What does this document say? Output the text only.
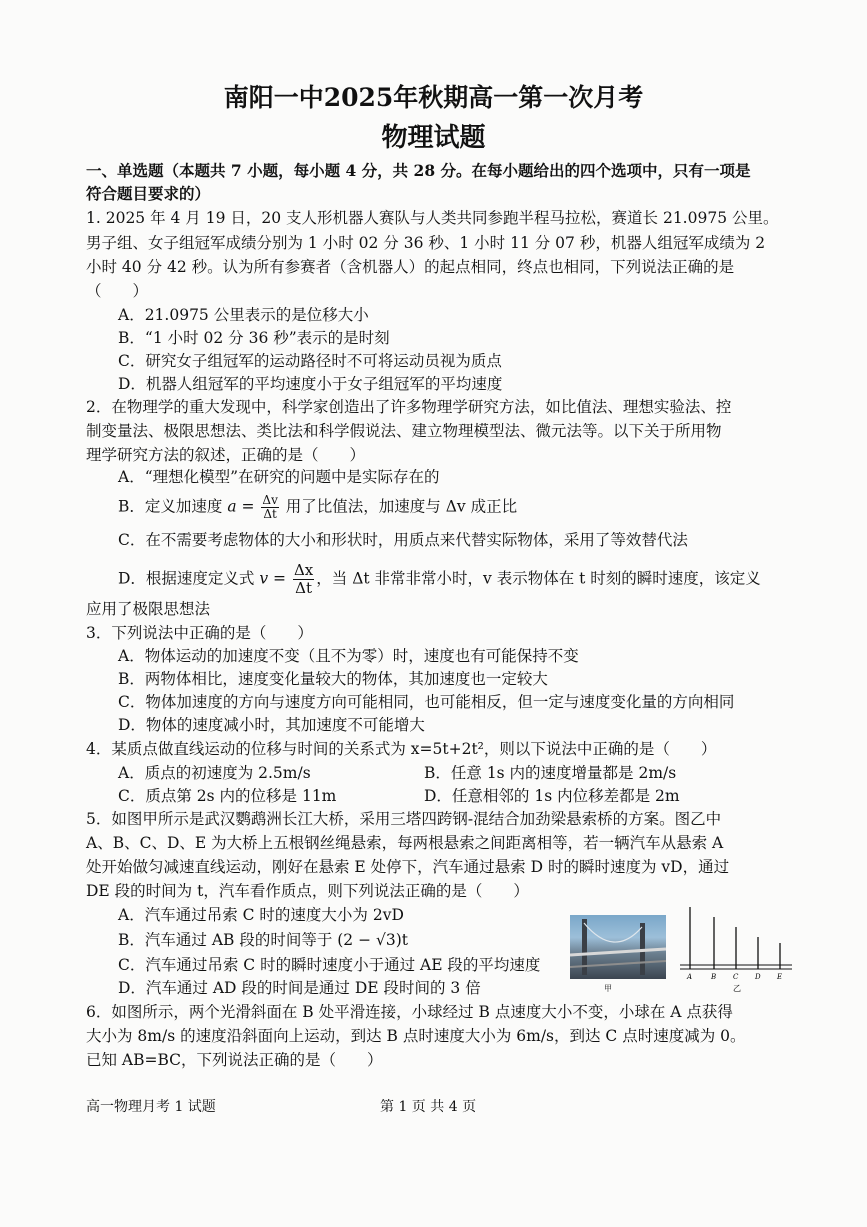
南阳一中2025年秋期高一第一次月考
物理试题
一、单选题（本题共 7 小题，每小题 4 分，共 28 分。在每小题给出的四个选项中，只有一项是
符合题目要求的）
1. 2025 年 4 月 19 日，20 支人形机器人赛队与人类共同参跑半程马拉松，赛道长 21.0975 公里。
男子组、女子组冠军成绩分别为 1 小时 02 分 36 秒、1 小时 11 分 07 秒，机器人组冠军成绩为 2
小时 40 分 42 秒。认为所有参赛者（含机器人）的起点相同，终点也相同，下列说法正确的是
（　　）
A．21.0975 公里表示的是位移大小
B．“1 小时 02 分 36 秒”表示的是时刻
C．研究女子组冠军的运动路径时不可将运动员视为质点
D．机器人组冠军的平均速度小于女子组冠军的平均速度
2．在物理学的重大发现中，科学家创造出了许多物理学研究方法，如比值法、理想实验法、控
制变量法、极限思想法、类比法和科学假说法、建立物理模型法、微元法等。以下关于所用物
理学研究方法的叙述，正确的是（　　）
A．“理想化模型”在研究的问题中是实际存在的
B．定义加速度 $a = \frac{\Delta v}{\Delta t}$ 用了比值法，加速度与 Δv 成正比
C．在不需要考虑物体的大小和形状时，用质点来代替实际物体，采用了等效替代法
D．根据速度定义式 $v = \frac{\Delta x}{\Delta t}$ ，当 Δt 非常非常小时，v 表示物体在 t 时刻的瞬时速度，该定义
应用了极限思想法
3．下列说法中正确的是（　　）
A．物体运动的加速度不变（且不为零）时，速度也有可能保持不变
B．两物体相比，速度变化量较大的物体，其加速度也一定较大
C．物体加速度的方向与速度方向可能相同，也可能相反，但一定与速度变化量的方向相同
D．物体的速度减小时，其加速度不可能增大
4．某质点做直线运动的位移与时间的关系式为 x=5t+2t²，则以下说法中正确的是（　　）
A．质点的初速度为 2.5m/s	B．任意 1s 内的速度增量都是 2m/s
C．质点第 2s 内的位移是 11m	D．任意相邻的 1s 内位移差都是 2m
5．如图甲所示是武汉鹦鹉洲长江大桥，采用三塔四跨钢-混结合加劲梁悬索桥的方案。图乙中
A、B、C、D、E 为大桥上五根钢丝绳悬索，每两根悬索之间距离相等，若一辆汽车从悬索 A
处开始做匀减速直线运动，刚好在悬索 E 处停下，汽车通过悬索 D 时的瞬时速度为 vD，通过
DE 段的时间为 t，汽车看作质点，则下列说法正确的是（　　）
A．汽车通过吊索 C 时的速度大小为 2vD
B．汽车通过 AB 段的时间等于 (2 − √3)t
C．汽车通过吊索 C 时的瞬时速度小于通过 AE 段的平均速度
D．汽车通过 AD 段的时间是通过 DE 段时间的 3 倍	甲
A	B C D E
乙
6．如图所示，两个光滑斜面在 B 处平滑连接，小球经过 B 点速度大小不变，小球在 A 点获得
大小为 8m/s 的速度沿斜面向上运动，到达 B 点时速度大小为 6m/s，到达 C 点时速度减为 0。
已知 AB=BC，下列说法正确的是（　　）
高一物理月考 1 试题	第 1 页 共 4 页
